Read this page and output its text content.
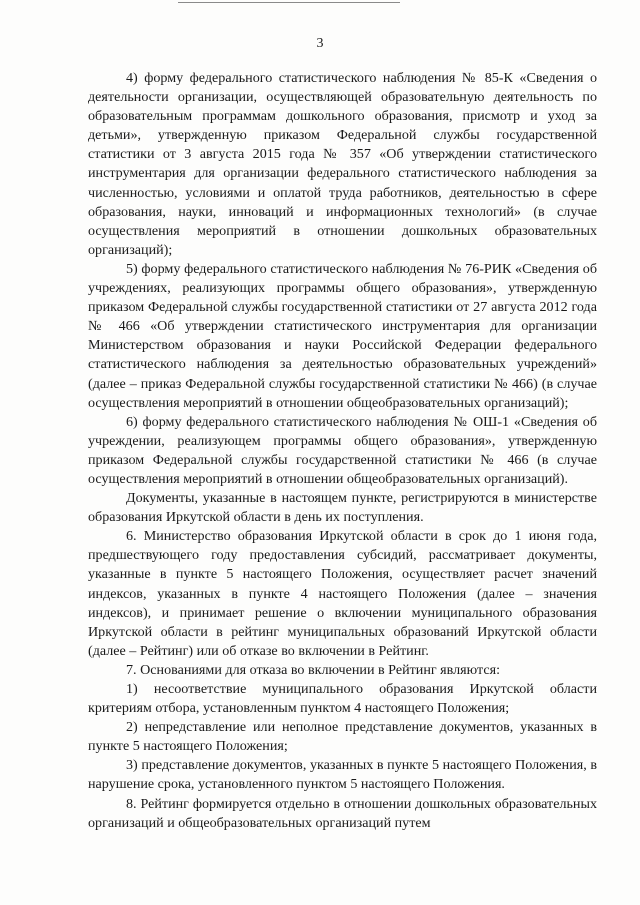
3

4) форму федерального статистического наблюдения № 85-К «Сведения о деятельности организации, осуществляющей образовательную деятельность по образовательным программам дошкольного образования, присмотр и уход за детьми», утвержденную приказом Федеральной службы государственной статистики от 3 августа 2015 года № 357 «Об утверждении статистического инструментария для организации федерального статистического наблюдения за численностью, условиями и оплатой труда работников, деятельностью в сфере образования, науки, инноваций и информационных технологий» (в случае осуществления мероприятий в отношении дошкольных образовательных организаций);

5) форму федерального статистического наблюдения № 76-РИК «Сведения об учреждениях, реализующих программы общего образования», утвержденную приказом Федеральной службы государственной статистики от 27 августа 2012 года № 466 «Об утверждении статистического инструментария для организации Министерством образования и науки Российской Федерации федерального статистического наблюдения за деятельностью образовательных учреждений» (далее – приказ Федеральной службы государственной статистики № 466) (в случае осуществления мероприятий в отношении общеобразовательных организаций);

6) форму федерального статистического наблюдения № ОШ-1 «Сведения об учреждении, реализующем программы общего образования», утвержденную приказом Федеральной службы государственной статистики № 466 (в случае осуществления мероприятий в отношении общеобразовательных организаций).

Документы, указанные в настоящем пункте, регистрируются в министерстве образования Иркутской области в день их поступления.

6. Министерство образования Иркутской области в срок до 1 июня года, предшествующего году предоставления субсидий, рассматривает документы, указанные в пункте 5 настоящего Положения, осуществляет расчет значений индексов, указанных в пункте 4 настоящего Положения (далее – значения индексов), и принимает решение о включении муниципального образования Иркутской области в рейтинг муниципальных образований Иркутской области (далее – Рейтинг) или об отказе во включении в Рейтинг.

7. Основаниями для отказа во включении в Рейтинг являются:

1) несоответствие муниципального образования Иркутской области критериям отбора, установленным пунктом 4 настоящего Положения;

2) непредставление или неполное представление документов, указанных в пункте 5 настоящего Положения;

3) представление документов, указанных в пункте 5 настоящего Положения, в нарушение срока, установленного пунктом 5 настоящего Положения.

8. Рейтинг формируется отдельно в отношении дошкольных образовательных организаций и общеобразовательных организаций путем
